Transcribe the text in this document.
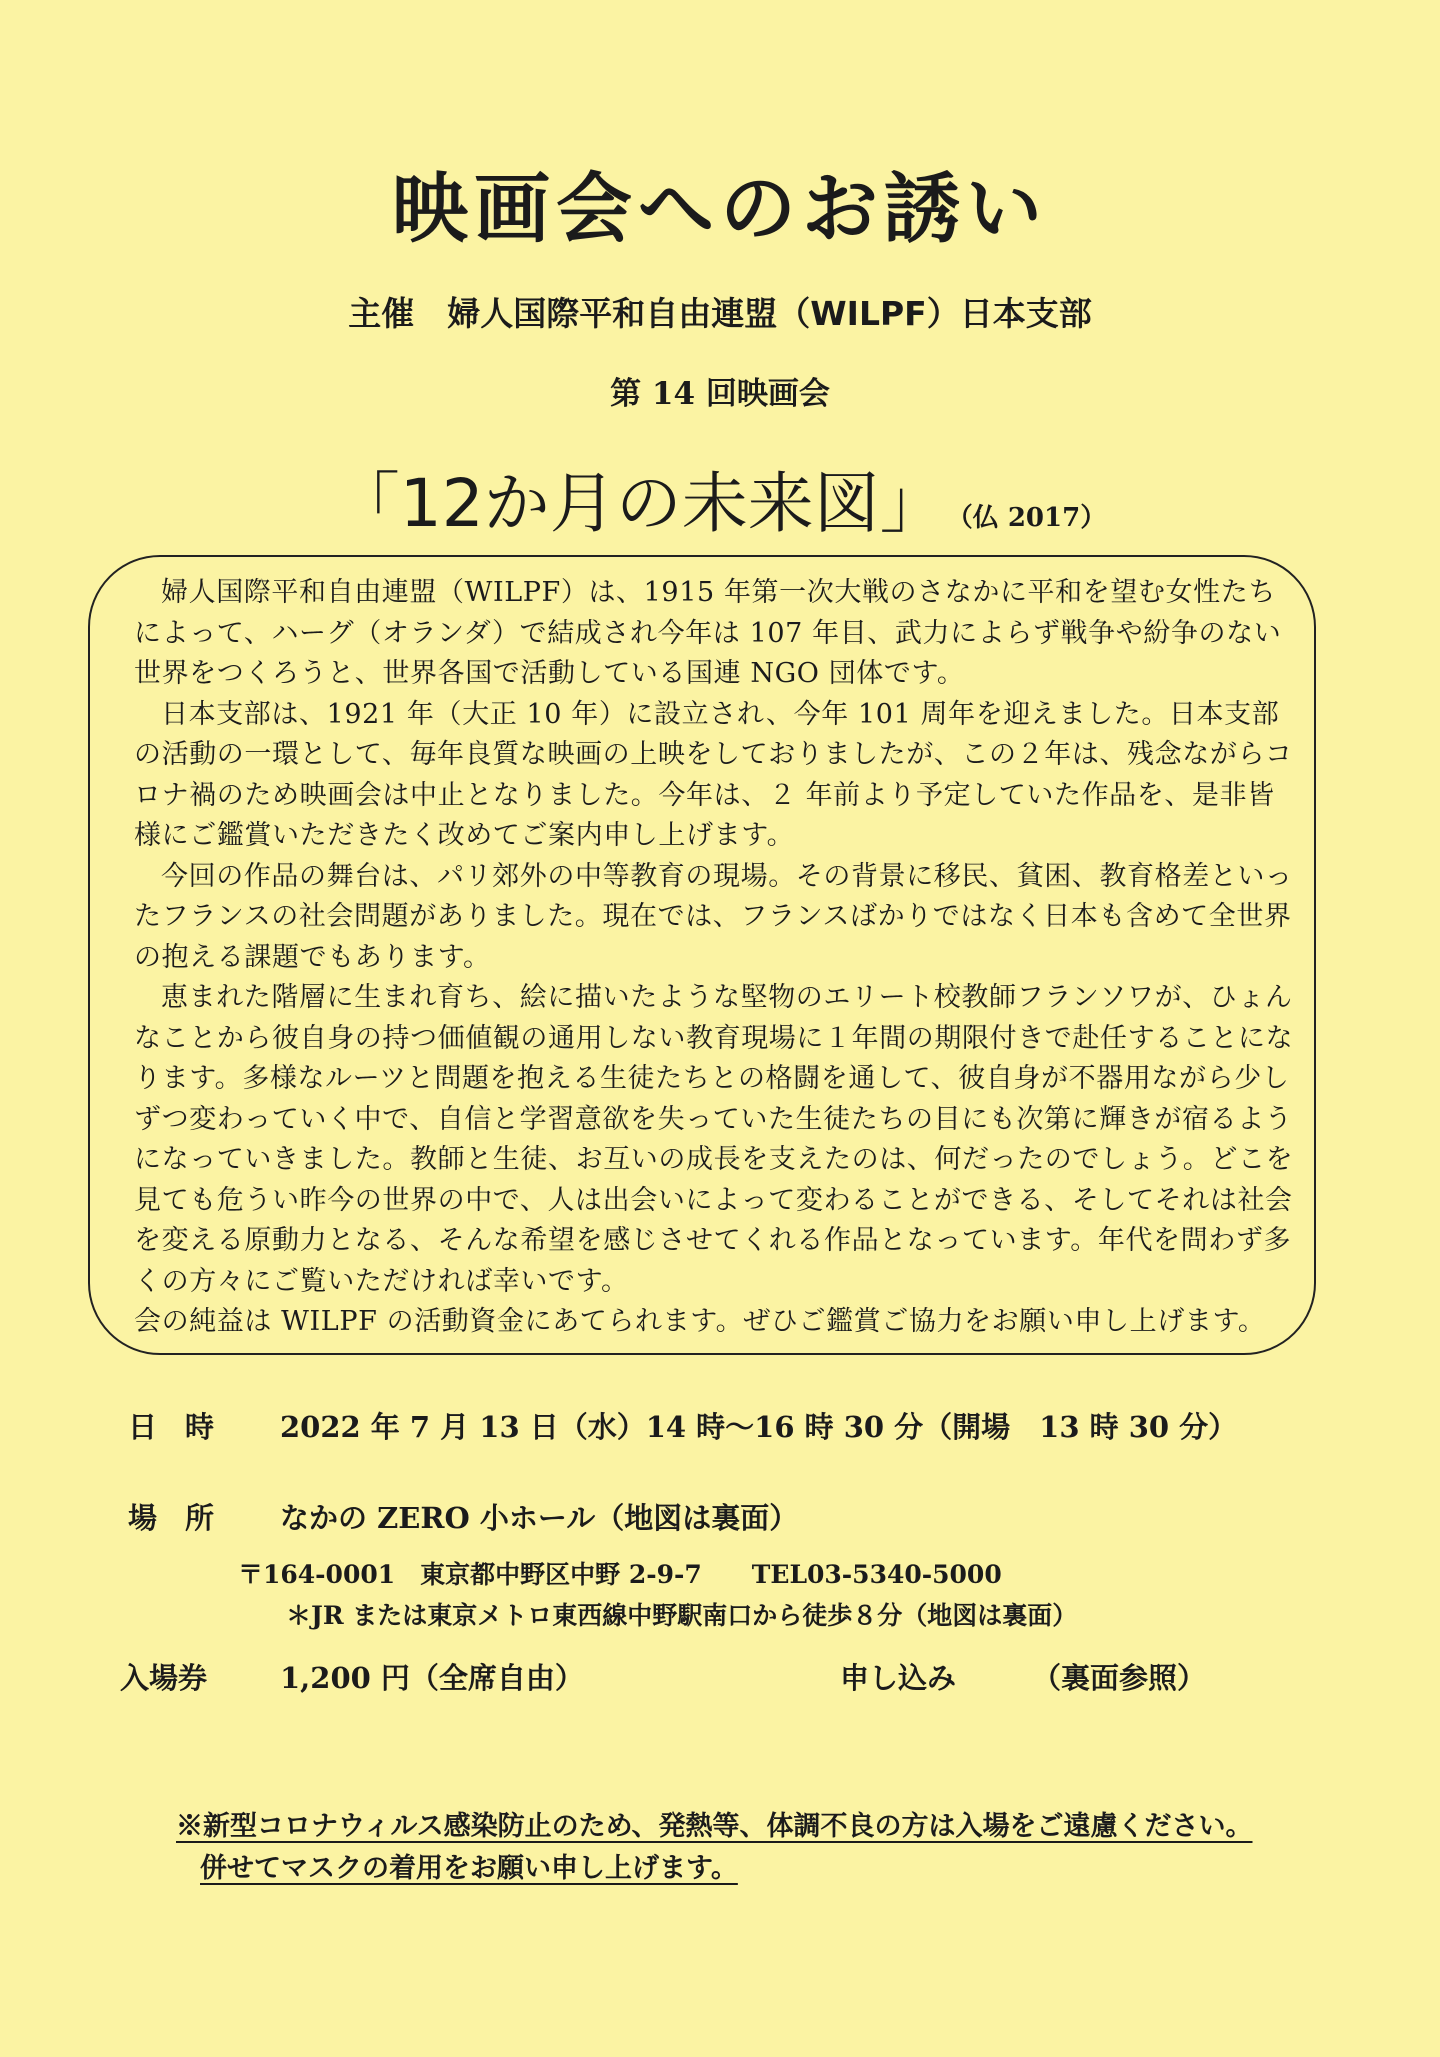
映画会へのお誘い
主催　婦人国際平和自由連盟（WILPF）日本支部
第 14 回映画会
「12か月の未来図」 （仏 2017）

婦人国際平和自由連盟（WILPF）は、1915 年第一次大戦のさなかに平和を望む女性たちによって、ハーグ（オランダ）で結成され今年は 107 年目、武力によらず戦争や紛争のない世界をつくろうと、世界各国で活動している国連 NGO 団体です。

日本支部は、1921 年（大正 10 年）に設立され、今年 101 周年を迎えました。日本支部の活動の一環として、毎年良質な映画の上映をしておりましたが、この２年は、残念ながらコロナ禍のため映画会は中止となりました。今年は、２ 年前より予定していた作品を、是非皆様にご鑑賞いただきたく改めてご案内申し上げます。

今回の作品の舞台は、パリ郊外の中等教育の現場。その背景に移民、貧困、教育格差といったフランスの社会問題がありました。現在では、フランスばかりではなく日本も含めて全世界の抱える課題でもあります。

恵まれた階層に生まれ育ち、絵に描いたような堅物のエリート校教師フランソワが、ひょんなことから彼自身の持つ価値観の通用しない教育現場に１年間の期限付きで赴任することになります。多様なルーツと問題を抱える生徒たちとの格闘を通して、彼自身が不器用ながら少しずつ変わっていく中で、自信と学習意欲を失っていた生徒たちの目にも次第に輝きが宿るようになっていきました。教師と生徒、お互いの成長を支えたのは、何だったのでしょう。どこを見ても危うい昨今の世界の中で、人は出会いによって変わることができる、そしてそれは社会を変える原動力となる、そんな希望を感じさせてくれる作品となっています。年代を問わず多くの方々にご覧いただければ幸いです。

会の純益は WILPF の活動資金にあてられます。ぜひご鑑賞ご協力をお願い申し上げます。

日時 2022 年 7 月 13 日（水）14 時～16 時 30 分（開場　13 時 30 分）
場所 なかの ZERO 小ホール（地図は裏面）
〒164-0001　東京都中野区中野 2-9-7　　TEL03-5340-5000
＊JR または東京メトロ東西線中野駅南口から徒歩８分（地図は裏面）
入場券	1,200 円（全席自由）	申し込み	（裏面参照）
※新型コロナウィルス感染防止のため、発熱等、体調不良の方は入場をご遠慮ください。
併せてマスクの着用をお願い申し上げます。
